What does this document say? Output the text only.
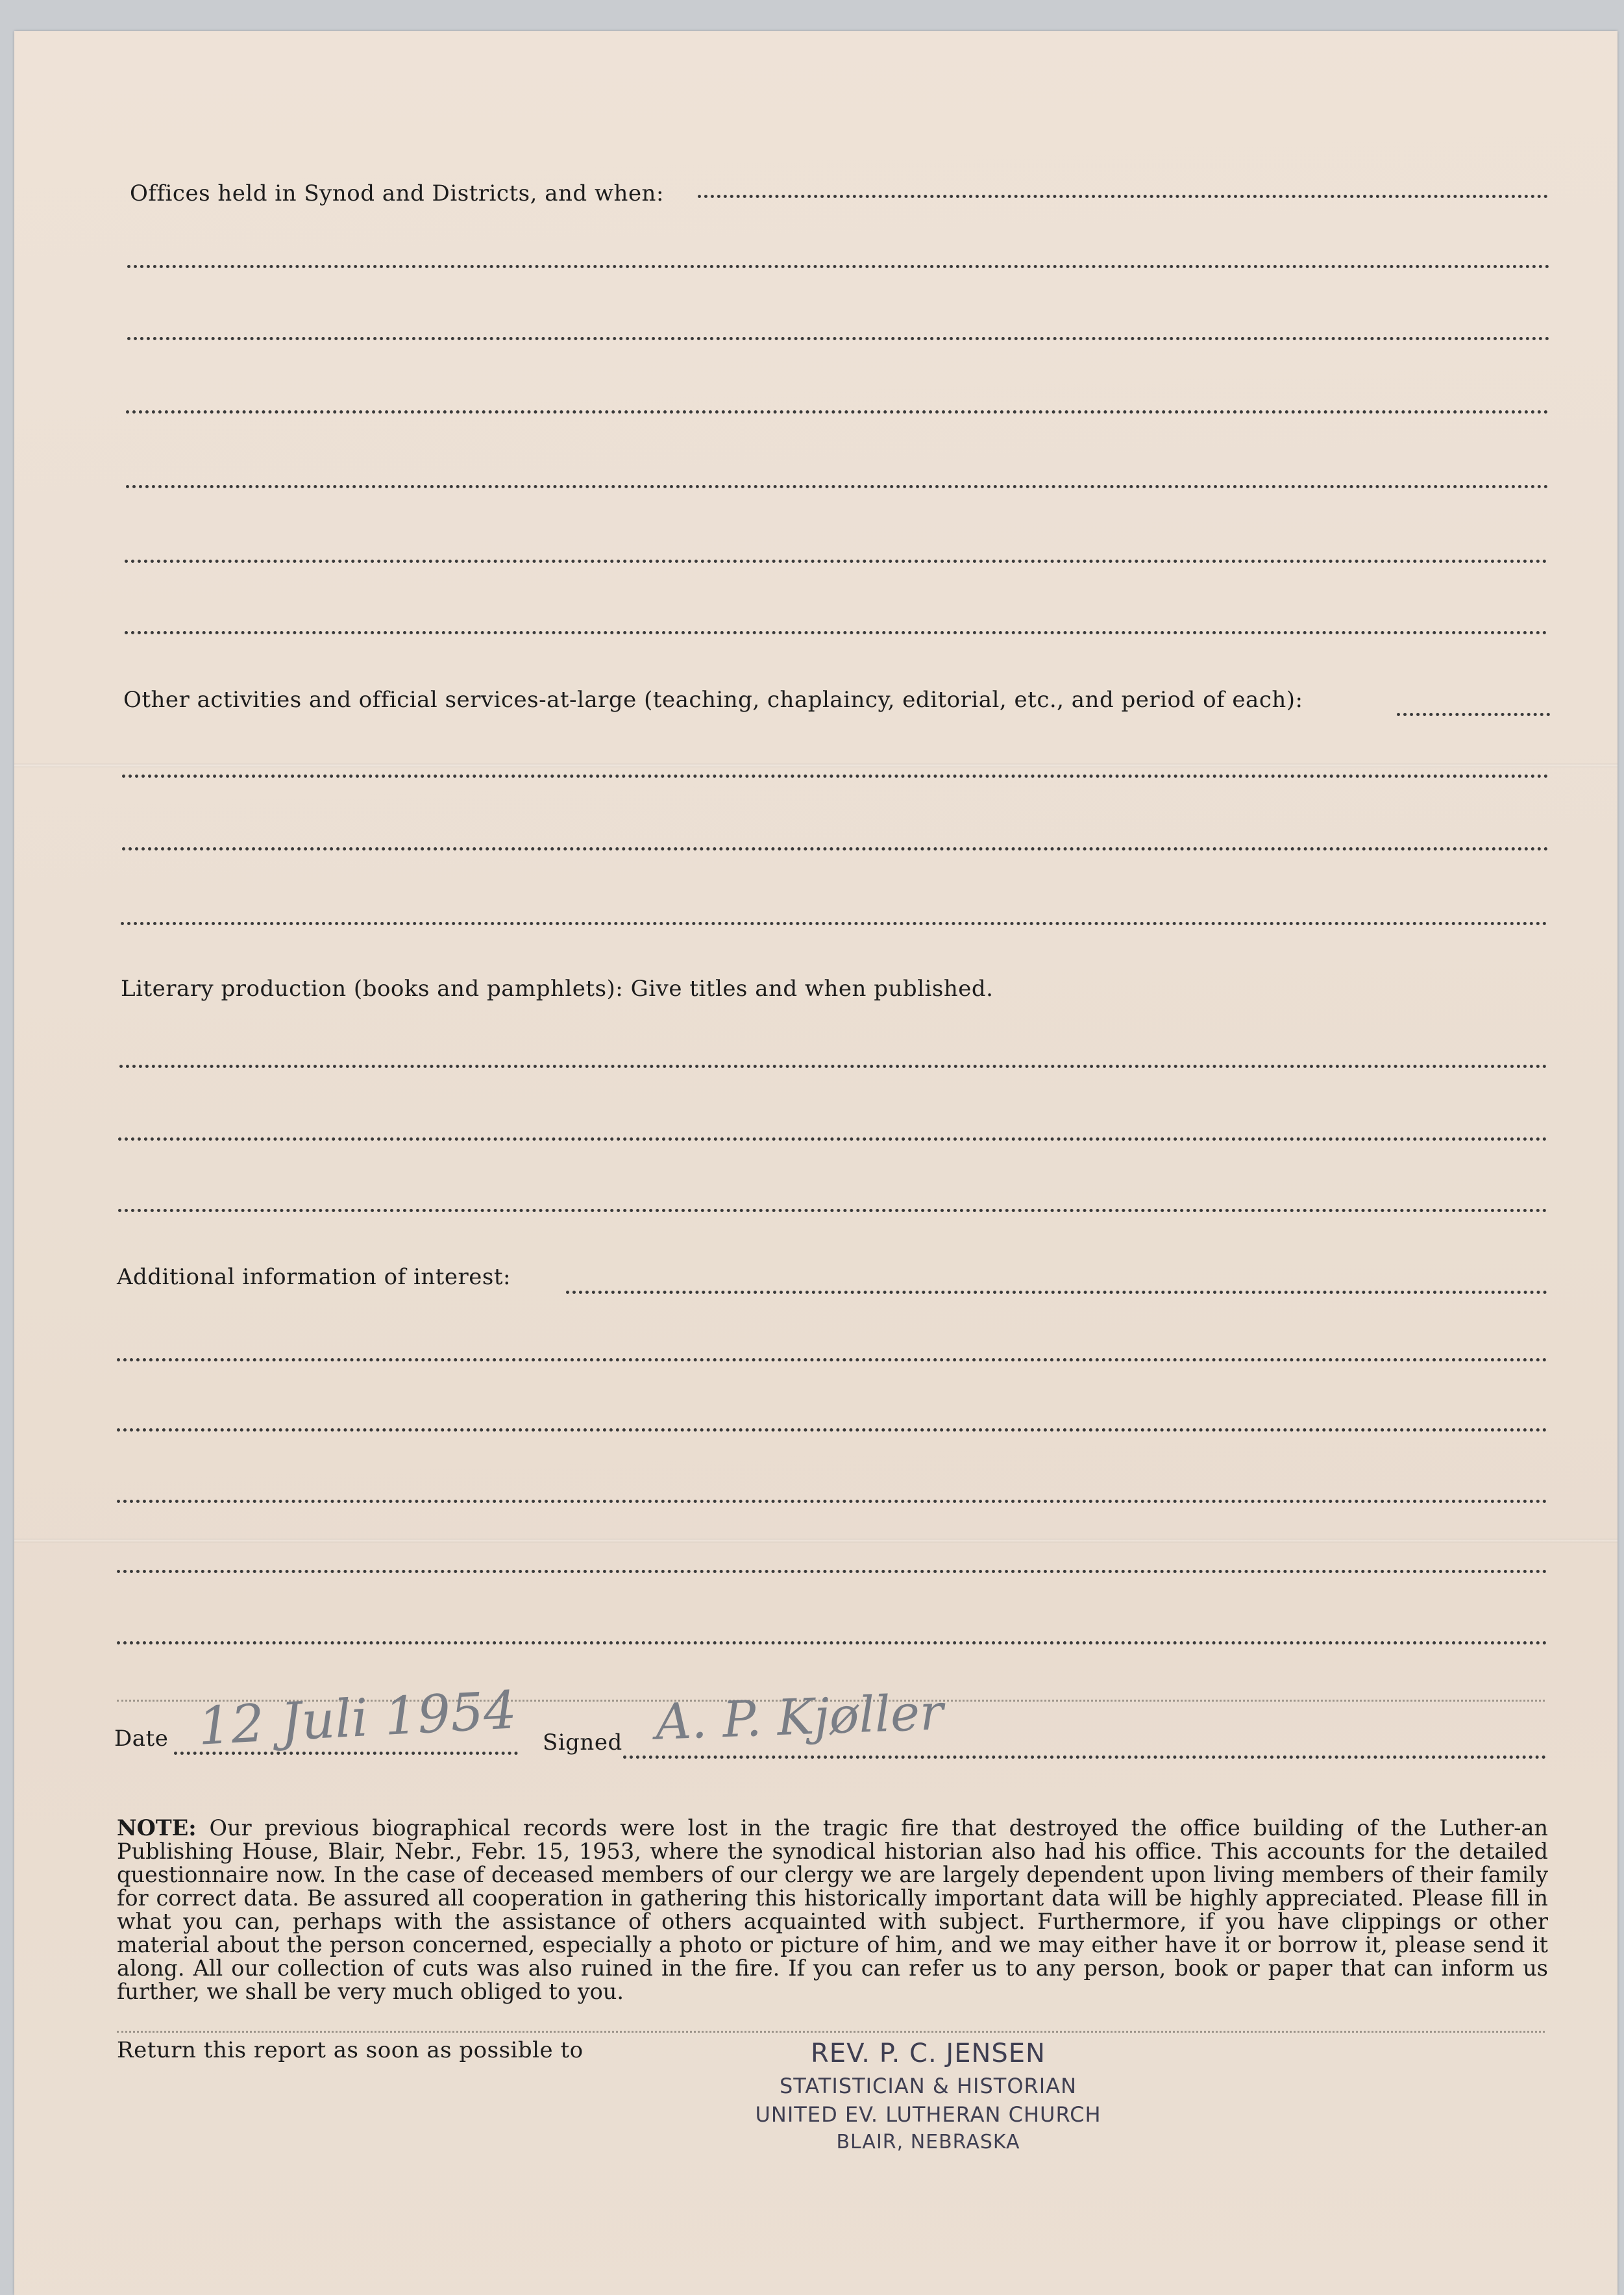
Offices held in Synod and Districts, and when:
Other activities and official services-at-large (teaching, chaplaincy, editorial, etc., and period of each):
Literary production (books and pamphlets): Give titles and when published.
Additional information of interest:
Date 12 Juli 1954 Signed A. P. Kjøller
NOTE: Our previous biographical records were lost in the tragic fire that destroyed the office building of the Luther-an Publishing House, Blair, Nebr., Febr. 15, 1953, where the synodical historian also had his office. This accounts for the detailed questionnaire now. In the case of deceased members of our clergy we are largely dependent upon living members of their family for correct data. Be assured all cooperation in gathering this historically important data will be highly appreciated. Please fill in what you can, perhaps with the assistance of others acquainted with subject. Furthermore, if you have clippings or other material about the person concerned, especially a photo or picture of him, and we may either have it or borrow it, please send it along. All our collection of cuts was also ruined in the fire. If you can refer us to any person, book or paper that can inform us further, we shall be very much obliged to you.
Return this report as soon as possible to	REV. P. C. JENSEN
STATISTICIAN & HISTORIAN
UNITED EV. LUTHERAN CHURCH
BLAIR, NEBRASKA
